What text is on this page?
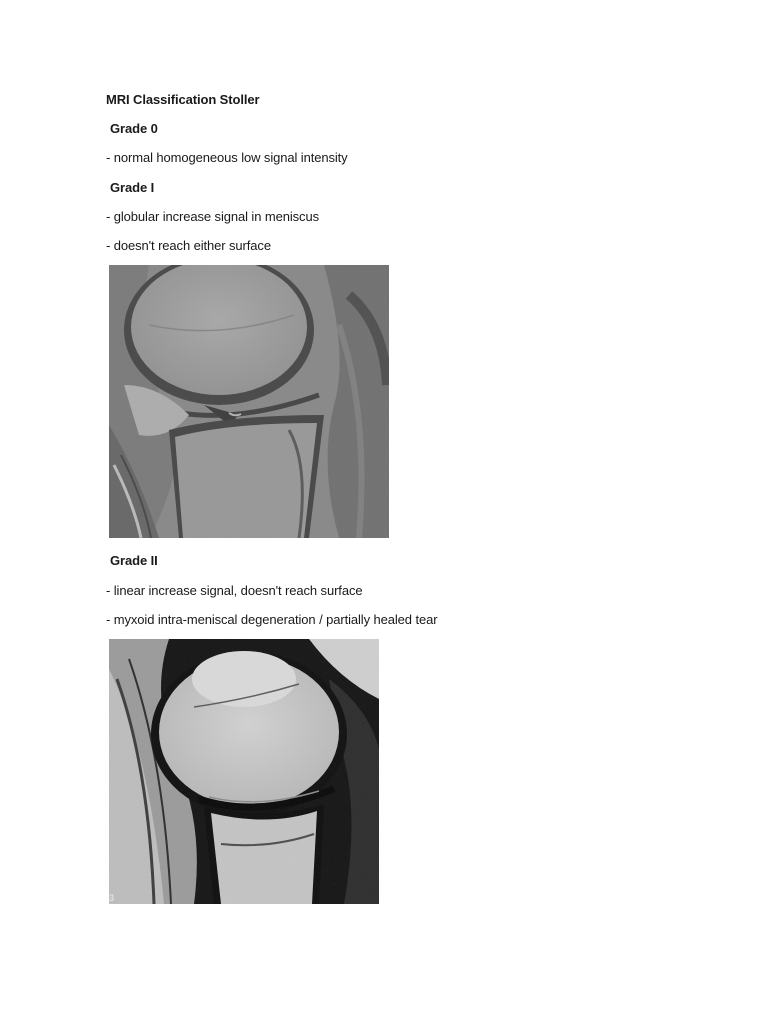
MRI Classification Stoller
Grade 0
- normal homogeneous low signal intensity
Grade I
- globular increase signal in meniscus
- doesn't reach either surface
Grade II
- linear increase signal, doesn't reach surface
- myxoid intra-meniscal degeneration / partially healed tear
3
